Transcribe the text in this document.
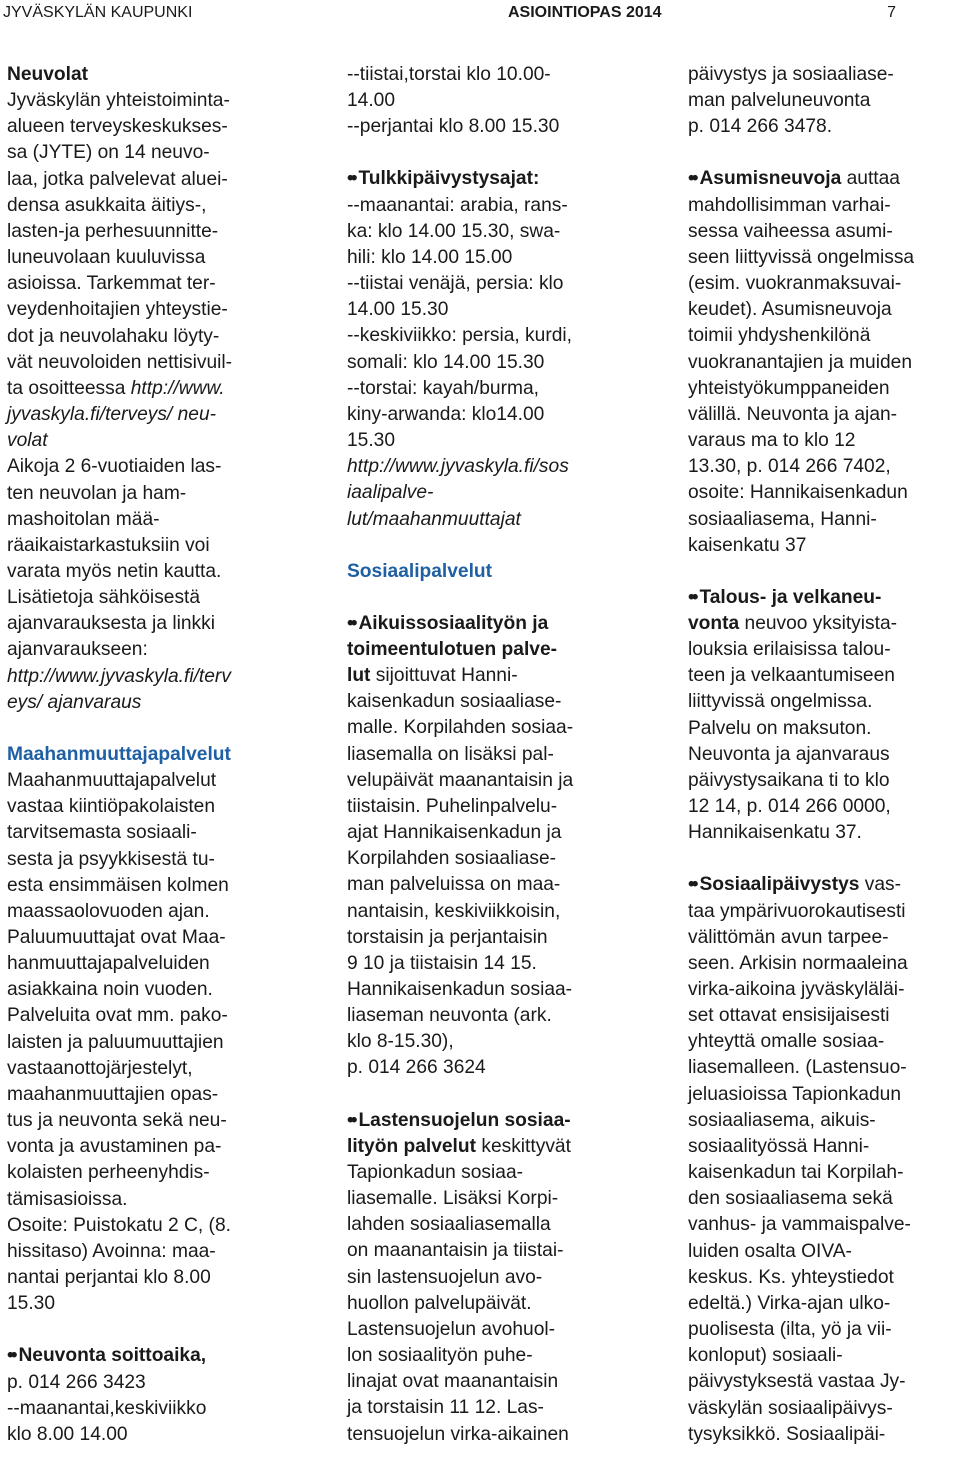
JYVÄSKYLÄN KAUPUNKI	ASIOINTIOPAS 2014	7

Neuvolat

Jyväskylän yhteistoiminta-
alueen terveyskeskukses-
sa (JYTE) on 14 neuvo-
laa, jotka palvelevat aluei-
densa asukkaita äitiys-,
lasten-ja perhesuunnitte-
luneuvolaan kuuluvissa
asioissa. Tarkemmat ter-
veydenhoitajien yhteystie-
dot ja neuvolahaku löyty-
vät neuvoloiden nettisivuil-
ta osoitteessa http://www.
jyvaskyla.fi/terveys/ neu-
volat

Aikoja 2 6-vuotiaiden las-
ten neuvolan ja ham-
mashoitolan mää-
räaikaistarkastuksiin voi
varata myös netin kautta.
Lisätietoja sähköisestä
ajanvarauksesta ja linkki
ajanvaraukseen:

http://www.jyvaskyla.fi/terv
eys/ ajanvaraus

Maahanmuuttajapalvelut

Maahanmuuttajapalvelut
vastaa kiintiöpakolaisten
tarvitsemasta sosiaali-
sesta ja psyykkisestä tu-
esta ensimmäisen kolmen
maassaolovuoden ajan.
Paluumuuttajat ovat Maa-
hanmuuttajapalveluiden
asiakkaina noin vuoden.
Palveluita ovat mm. pako-
laisten ja paluumuuttajien
vastaanottojärjestelyt,
maahanmuuttajien opas-
tus ja neuvonta sekä neu-
vonta ja avustaminen pa-
kolaisten perheenyhdis-
tämisasioissa.
Osoite: Puistokatu 2 C, (8.
hissitaso) Avoinna: maa-
nantai perjantai klo 8.00
15.30

•• Neuvonta soittoaika,

p. 014 266 3423
--maanantai,keskiviikko
klo 8.00 14.00

--tiistai,torstai klo 10.00-
14.00
--perjantai klo 8.00 15.30

•• Tulkkipäivystysajat:

--maanantai: arabia, rans-
ka: klo 14.00 15.30, swa-
hili: klo 14.00 15.00
--tiistai venäjä, persia: klo
14.00 15.30
--keskiviikko: persia, kurdi,
somali: klo 14.00 15.30
--torstai: kayah/burma,
kiny-arwanda: klo14.00
15.30

http://www.jyvaskyla.fi/sos
iaalipalve-
lut/maahanmuuttajat

Sosiaalipalvelut

•• Aikuissosiaalityön ja
toimeentulotuen palve-
lut sijoittuvat Hanni-
kaisenkadun sosiaaliase-
malle. Korpilahden sosiaa-
liasemalla on lisäksi pal-
velupäivät maanantaisin ja
tiistaisin. Puhelinpalvelu-
ajat Hannikaisenkadun ja
Korpilahden sosiaaliase-
man palveluissa on maa-
nantaisin, keskiviikkoisin,
torstaisin ja perjantaisin
9 10 ja tiistaisin 14 15.
Hannikaisenkadun sosiaa-
liaseman neuvonta (ark.
klo 8-15.30),
p. 014 266 3624

•• Lastensuojelun sosiaa-
lityön palvelut keskittyvät
Tapionkadun sosiaa-
liasemalle. Lisäksi Korpi-
lahden sosiaaliasemalla
on maanantaisin ja tiistai-
sin lastensuojelun avo-
huollon palvelupäivät.
Lastensuojelun avohuol-
lon sosiaalityön puhe-
linajat ovat maanantaisin
ja torstaisin 11 12. Las-
tensuojelun virka-aikainen

päivystys ja sosiaaliase-
man palveluneuvonta
p. 014 266 3478.

•• Asumisneuvoja auttaa
mahdollisimman varhai-
sessa vaiheessa asumi-
seen liittyvissä ongelmissa
(esim. vuokranmaksuvai-
keudet). Asumisneuvoja
toimii yhdyshenkilönä
vuokranantajien ja muiden
yhteistyökumppaneiden
välillä. Neuvonta ja ajan-
varaus ma to klo 12
13.30, p. 014 266 7402,
osoite: Hannikaisenkadun
sosiaaliasema, Hanni-
kaisenkatu 37

•• Talous- ja velkaneu-
vonta neuvoo yksityista-
louksia erilaisissa talou-
teen ja velkaantumiseen
liittyvissä ongelmissa.
Palvelu on maksuton.
Neuvonta ja ajanvaraus
päivystysaikana ti to klo
12 14, p. 014 266 0000,
Hannikaisenkatu 37.

•• Sosiaalipäivystys vas-
taa ympärivuorokautisesti
välittömän avun tarpee-
seen. Arkisin normaaleina
virka-aikoina jyväskyläläi-
set ottavat ensisijaisesti
yhteyttä omalle sosiaa-
liasemalleen. (Lastensuo-
jeluasioissa Tapionkadun
sosiaaliasema, aikuis-
sosiaalityössä Hanni-
kaisenkadun tai Korpilah-
den sosiaaliasema sekä
vanhus- ja vammaispalve-
luiden osalta OIVA-
keskus. Ks. yhteystiedot
edeltä.) Virka-ajan ulko-
puolisesta (ilta, yö ja vii-
konloput) sosiaali-
päivystyksestä vastaa Jy-
väskylän sosiaalipäivys-
tysyksikkö. Sosiaalipäi-
